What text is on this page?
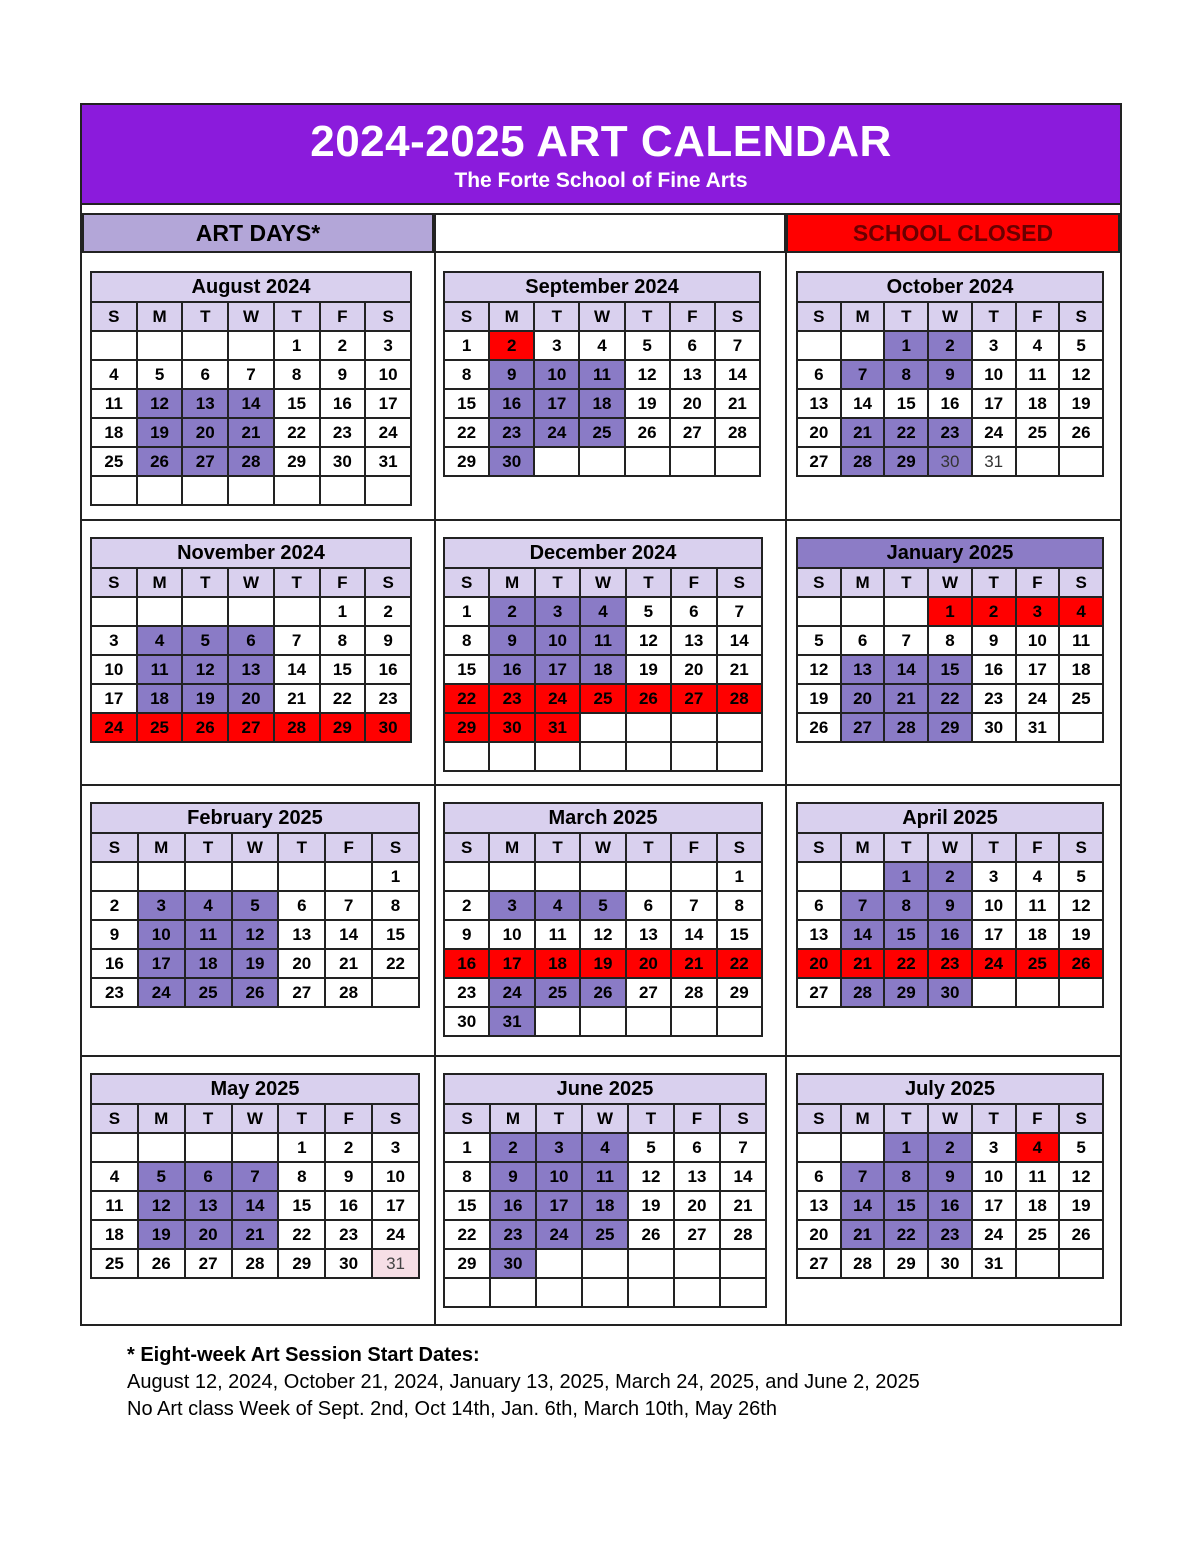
2024-2025 ART CALENDAR
The Forte School of Fine Arts
ART DAYS*	SCHOOL CLOSED
August 2024						
S	M	T	W	T	F	S
				1	2	3
4	5	6	7	8	9	10
11	12	13	14	15	16	17
18	19	20	21	22	23	24
25	26	27	28	29	30	31

September 2024						
S	M	T	W	T	F	S
1	2	3	4	5	6	7
8	9	10	11	12	13	14
15	16	17	18	19	20	21
22	23	24	25	26	27	28
29	30					
October 2024						
S	M	T	W	T	F	S
		1	2	3	4	5
6	7	8	9	10	11	12
13	14	15	16	17	18	19
20	21	22	23	24	25	26
27	28	29	30	31		
November 2024						
S	M	T	W	T	F	S
					1	2
3	4	5	6	7	8	9
10	11	12	13	14	15	16
17	18	19	20	21	22	23
24	25	26	27	28	29	30
December 2024						
S	M	T	W	T	F	S
1	2	3	4	5	6	7
8	9	10	11	12	13	14
15	16	17	18	19	20	21
22	23	24	25	26	27	28
29	30	31				

January 2025						
S	M	T	W	T	F	S
			1	2	3	4
5	6	7	8	9	10	11
12	13	14	15	16	17	18
19	20	21	22	23	24	25
26	27	28	29	30	31	
February 2025						
S	M	T	W	T	F	S
						1
2	3	4	5	6	7	8
9	10	11	12	13	14	15
16	17	18	19	20	21	22
23	24	25	26	27	28	
March 2025						
S	M	T	W	T	F	S
						1
2	3	4	5	6	7	8
9	10	11	12	13	14	15
16	17	18	19	20	21	22
23	24	25	26	27	28	29
30	31					
April 2025						
S	M	T	W	T	F	S
		1	2	3	4	5
6	7	8	9	10	11	12
13	14	15	16	17	18	19
20	21	22	23	24	25	26
27	28	29	30			
May 2025						
S	M	T	W	T	F	S
				1	2	3
4	5	6	7	8	9	10
11	12	13	14	15	16	17
18	19	20	21	22	23	24
25	26	27	28	29	30	31
June 2025						
S	M	T	W	T	F	S
1	2	3	4	5	6	7
8	9	10	11	12	13	14
15	16	17	18	19	20	21
22	23	24	25	26	27	28
29	30					

July 2025						
S	M	T	W	T	F	S
		1	2	3	4	5
6	7	8	9	10	11	12
13	14	15	16	17	18	19
20	21	22	23	24	25	26
27	28	29	30	31		
* Eight-week Art Session Start Dates:
August 12, 2024, October 21, 2024, January 13, 2025, March 24, 2025, and June 2, 2025
No Art class Week of Sept. 2nd, Oct 14th, Jan. 6th, March 10th, May 26th
